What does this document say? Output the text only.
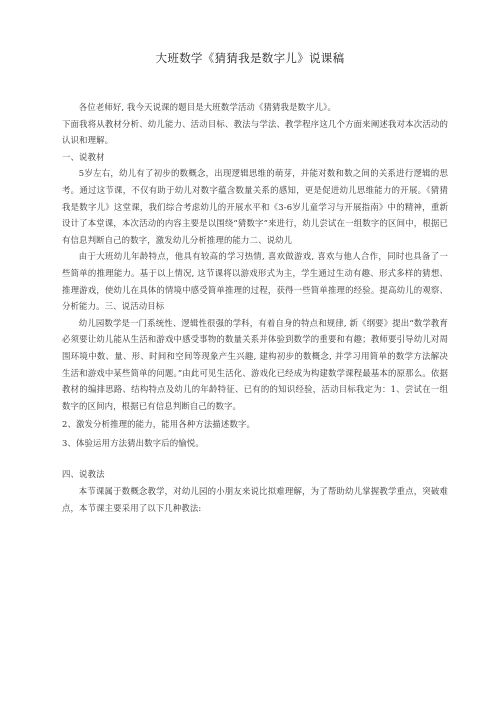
大班数学《猜猜我是数字儿》说课稿

各位老师好, 我今天说课的题目是大班数学活动《猜猜我是数字儿》。

下面我将从教材分析、幼儿能力、活动目标、教法与学法、教学程序这几个方面来阐述我对本次活动的认识和理解。

一、说教材

5岁左右，幼儿有了初步的数概念，出现逻辑思维的萌芽，并能对数和数之间的关系进行逻辑的思考。通过这节课，不仅有助于幼儿对数字蕴含数量关系的感知，更是促进幼儿思维能力的开展。《猜猜我是数字儿》这堂课，我们综合考虑幼儿的开展水平和《3-6岁儿童学习与开展指南》中的精神，重新设计了本堂课，本次活动的内容主要是以围绕“猜数字”来进行，幼儿尝试在一组数字的区间中，根据已有信息判断自己的数字，激发幼儿分析推理的能力二、说幼儿

由于大班幼儿年龄特点，他具有较高的学习热情, 喜欢做游戏, 喜欢与他人合作，同时也具备了一些简单的推理能力。基于以上情况, 这节课将以游戏形式为主，学生通过生动有趣、形式多样的猜想、推理游戏，使幼儿在具体的情境中感受简单推理的过程，获得一些简单推理的经验。提高幼儿的观察、分析能力。三、说活动目标

幼儿园数学是一门系统性、逻辑性很强的学科，有着自身的特点和规律, 新《纲要》提出“数学教育必须要让幼儿能从生活和游戏中感受事物的数量关系并体验到数学的重要和有趣；教师要引导幼儿对周围环境中数、量、形、时间和空间等现象产生兴趣, 建构初步的数概念, 并学习用简单的数学方法解决生活和游戏中某些简单的问题。”由此可见生活化、游戏化已经成为构建数学课程最基本的原那么。依据教材的编排思路、结构特点及幼儿的年龄特征、已有的的知识经验，活动目标我定为：1、尝试在一组数字的区间内，根据已有信息判断自己的数字。

2、激发分析推理的能力，能用各种方法描述数字。

3、体验运用方法猜出数字后的愉悦。

四、说教法

本节课属于数概念教学，对幼儿园的小朋友来说比拟难理解，为了帮助幼儿掌握教学重点，突破难点，本节课主要采用了以下几种教法:
